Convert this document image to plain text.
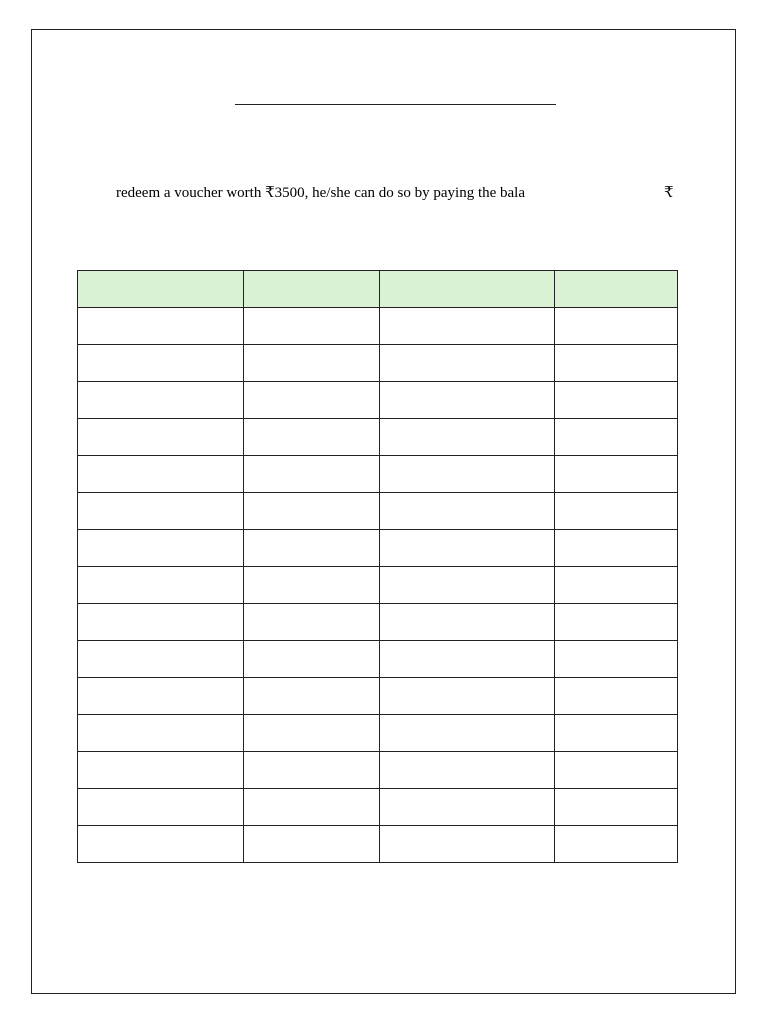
redeem a voucher worth ₹3500, he/she can do so by paying the bala	₹
